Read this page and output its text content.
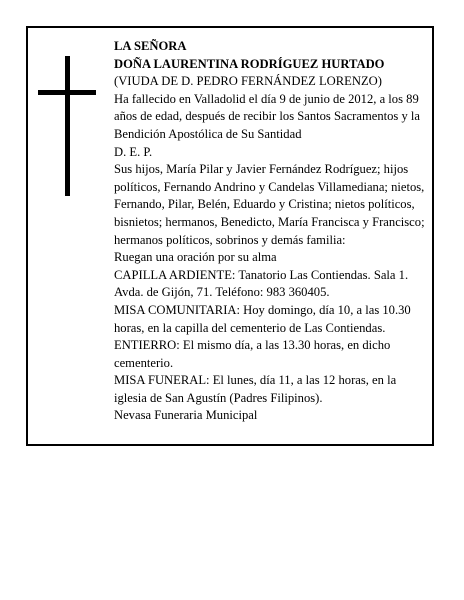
LA SEÑORA

DOÑA LAURENTINA RODRÍGUEZ HURTADO

(VIUDA DE D. PEDRO FERNÁNDEZ LORENZO)

Ha fallecido en Valladolid el día 9 de junio de 2012, a los 89 años de edad, después de recibir los Santos Sacramentos y la Bendición Apostólica de Su Santidad

D. E. P.

Sus hijos, María Pilar y Javier Fernández Rodríguez; hijos políticos, Fernando Andrino y Candelas Villamediana; nietos, Fernando, Pilar, Belén, Eduardo y Cristina; nietos políticos, bisnietos; hermanos, Benedicto, María Francisca y Francisco; hermanos políticos, sobrinos y demás familia:

Ruegan una oración por su alma

CAPILLA ARDIENTE: Tanatorio Las Contiendas. Sala 1. Avda. de Gijón, 71. Teléfono: 983 360405.

MISA COMUNITARIA: Hoy domingo, día 10, a las 10.30 horas, en la capilla del cementerio de Las Contiendas. ENTIERRO: El mismo día, a las 13.30 horas, en dicho cementerio.

MISA FUNERAL: El lunes, día 11, a las 12 horas, en la iglesia de San Agustín (Padres Filipinos).

Nevasa Funeraria Municipal
